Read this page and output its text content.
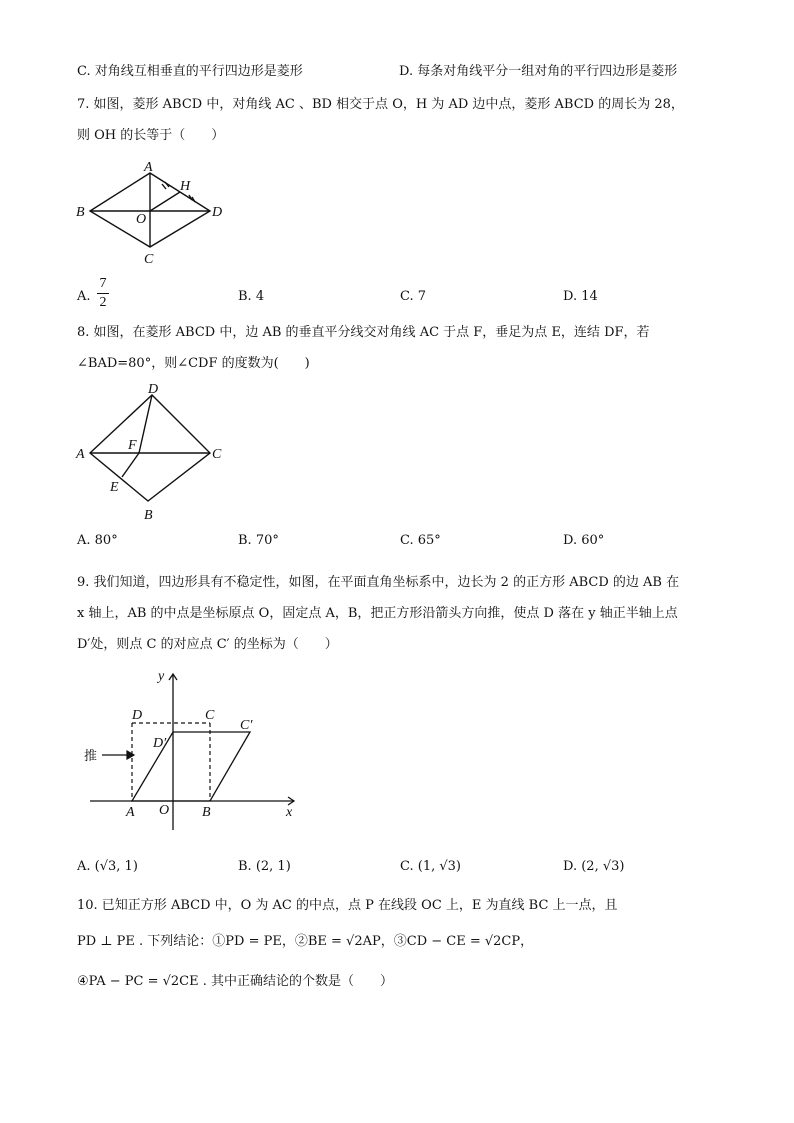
C. 对角线互相垂直的平行四边形是菱形	D. 每条对角线平分一组对角的平行四边形是菱形
7. 如图，菱形 ABCD 中，对角线 AC 、BD 相交于点 O，H 为 AD 边中点，菱形 ABCD 的周长为 28，
则 OH 的长等于（　　）
A
B
C
D
O
H
A.
7
2	B. 4	C. 7	D. 14
8. 如图，在菱形 ABCD 中，边 AB 的垂直平分线交对角线 AC 于点 F，垂足为点 E，连结 DF，若
∠BAD=80°，则∠CDF 的度数为(　　)
A
B
C
D
E
F
A. 80°	B. 70°	C. 65°	D. 60°
9. 我们知道，四边形具有不稳定性，如图，在平面直角坐标系中，边长为 2 的正方形 ABCD 的边 AB 在
x 轴上，AB 的中点是坐标原点 O，固定点 A，B，把正方形沿箭头方向推，使点 D 落在 y 轴正半轴上点
D′处，则点 C 的对应点 C′ 的坐标为（　　）
y
x
D	C
D′
C′
A O B
推
A. (√3, 1)	B. (2, 1)	C. (1, √3)	D. (2, √3)
10. 已知正方形 ABCD 中，O 为 AC 的中点，点 P 在线段 OC 上，E 为直线 BC 上一点，且
PD ⊥ PE . 下列结论：①PD = PE，②BE = √2AP，③CD − CE = √2CP，
④PA − PC = √2CE . 其中正确结论的个数是（　　）
